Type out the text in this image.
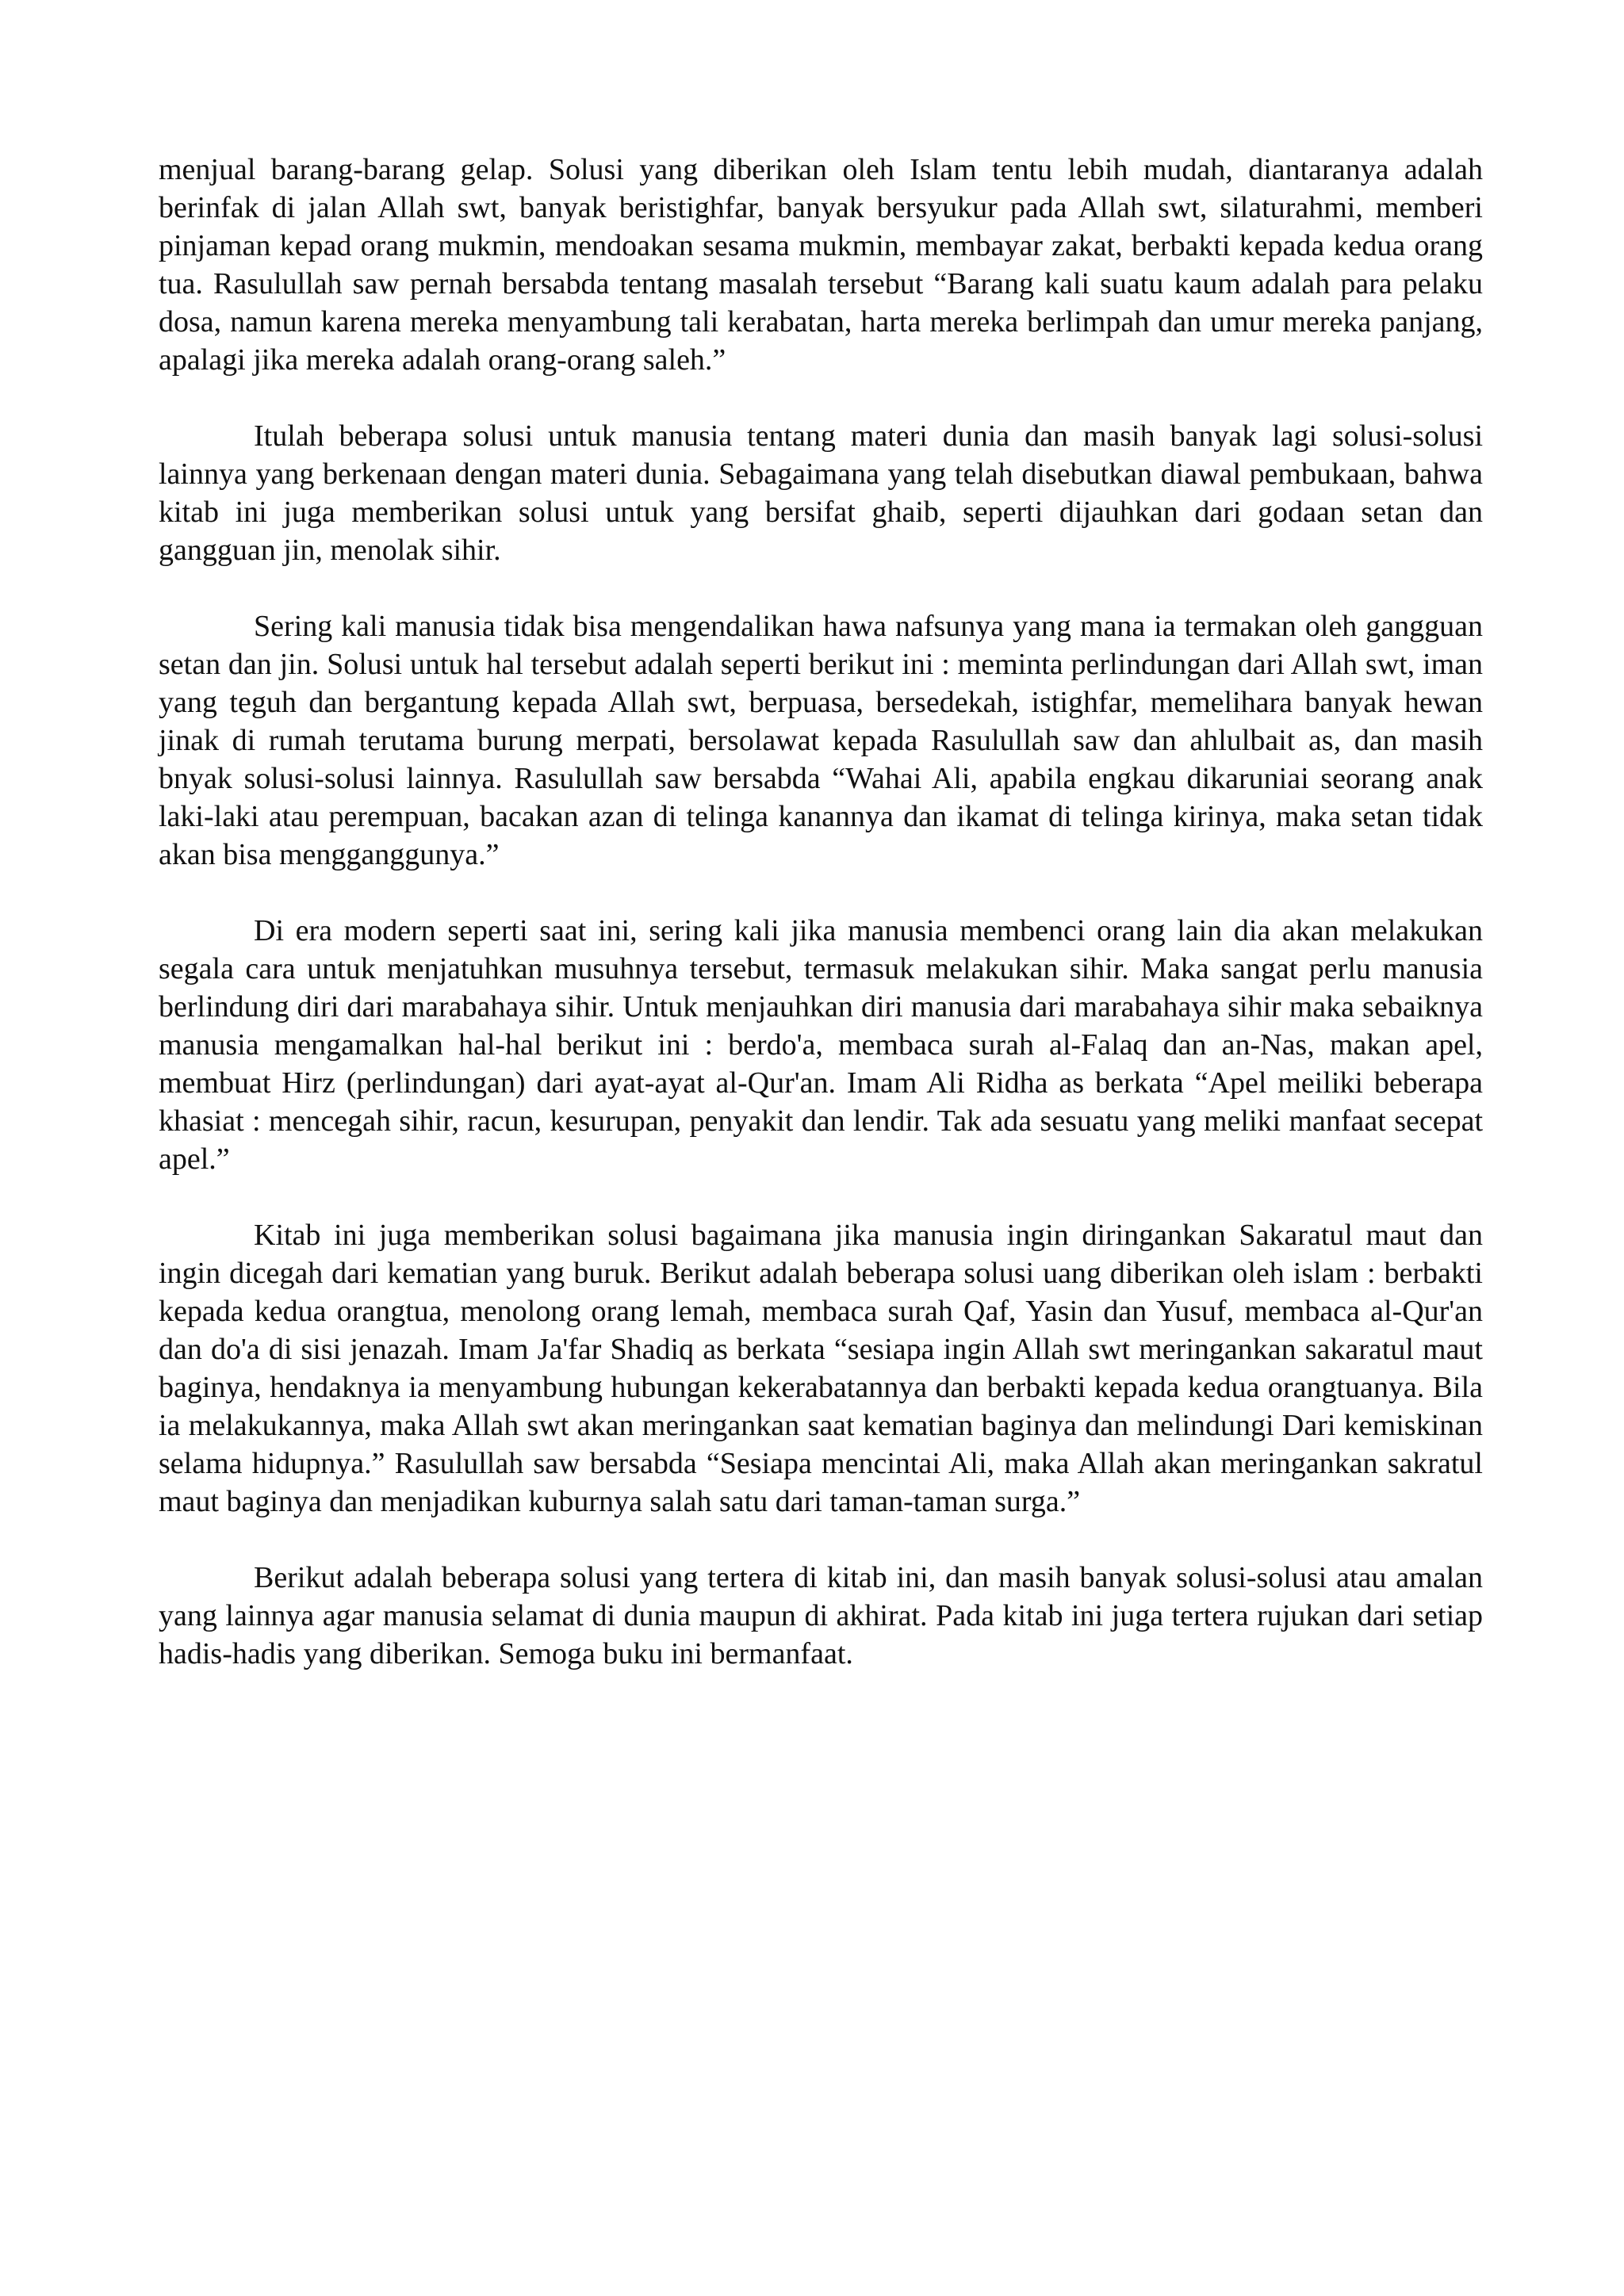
menjual barang-barang gelap. Solusi yang diberikan oleh Islam tentu lebih mudah, diantaranya adalah berinfak di jalan Allah swt, banyak beristighfar, banyak bersyukur pada Allah swt, silaturahmi, memberi pinjaman kepad orang mukmin, mendoakan sesama mukmin, membayar zakat, berbakti kepada kedua orang tua. Rasulullah saw pernah bersabda tentang masalah tersebut “Barang kali suatu kaum adalah para pelaku dosa, namun karena mereka menyambung tali kerabatan, harta mereka berlimpah dan umur mereka panjang, apalagi jika mereka adalah orang-orang saleh.”

Itulah beberapa solusi untuk manusia tentang materi dunia dan masih banyak lagi solusi-solusi lainnya yang berkenaan dengan materi dunia. Sebagaimana yang telah disebutkan diawal pembukaan, bahwa kitab ini juga memberikan solusi untuk yang bersifat ghaib, seperti dijauhkan dari godaan setan dan gangguan jin, menolak sihir.

Sering kali manusia tidak bisa mengendalikan hawa nafsunya yang mana ia termakan oleh gangguan setan dan jin. Solusi untuk hal tersebut adalah seperti berikut ini : meminta perlindungan dari Allah swt, iman yang teguh dan bergantung kepada Allah swt, berpuasa, bersedekah, istighfar, memelihara banyak hewan jinak di rumah terutama burung merpati, bersolawat kepada Rasulullah saw dan ahlulbait as, dan masih bnyak solusi-solusi lainnya. Rasulullah saw bersabda “Wahai Ali, apabila engkau dikaruniai seorang anak laki-laki atau perempuan, bacakan azan di telinga kanannya dan ikamat di telinga kirinya, maka setan tidak akan bisa mengganggunya.”

Di era modern seperti saat ini, sering kali jika manusia membenci orang lain dia akan melakukan segala cara untuk menjatuhkan musuhnya tersebut, termasuk melakukan sihir. Maka sangat perlu manusia berlindung diri dari marabahaya sihir. Untuk menjauhkan diri manusia dari marabahaya sihir maka sebaiknya manusia mengamalkan hal-hal berikut ini : berdo'a, membaca surah al-Falaq dan an-Nas, makan apel, membuat Hirz (perlindungan) dari ayat-ayat al-Qur'an. Imam Ali Ridha as berkata “Apel meiliki beberapa khasiat : mencegah sihir, racun, kesurupan, penyakit dan lendir. Tak ada sesuatu yang meliki manfaat secepat apel.”

Kitab ini juga memberikan solusi bagaimana jika manusia ingin diringankan Sakaratul maut dan ingin dicegah dari kematian yang buruk. Berikut adalah beberapa solusi uang diberikan oleh islam : berbakti kepada kedua orangtua, menolong orang lemah, membaca surah Qaf, Yasin dan Yusuf, membaca al-Qur'an dan do'a di sisi jenazah. Imam Ja'far Shadiq as berkata “sesiapa ingin Allah swt meringankan sakaratul maut baginya, hendaknya ia menyambung hubungan kekerabatannya dan berbakti kepada kedua orangtuanya. Bila ia melakukannya, maka Allah swt akan meringankan saat kematian baginya dan melindungi Dari kemiskinan selama hidupnya.” Rasulullah saw bersabda “Sesiapa mencintai Ali, maka Allah akan meringankan sakratul maut baginya dan menjadikan kuburnya salah satu dari taman-taman surga.”

Berikut adalah beberapa solusi yang tertera di kitab ini, dan masih banyak solusi-solusi atau amalan yang lainnya agar manusia selamat di dunia maupun di akhirat. Pada kitab ini juga tertera rujukan dari setiap hadis-hadis yang diberikan. Semoga buku ini bermanfaat.
